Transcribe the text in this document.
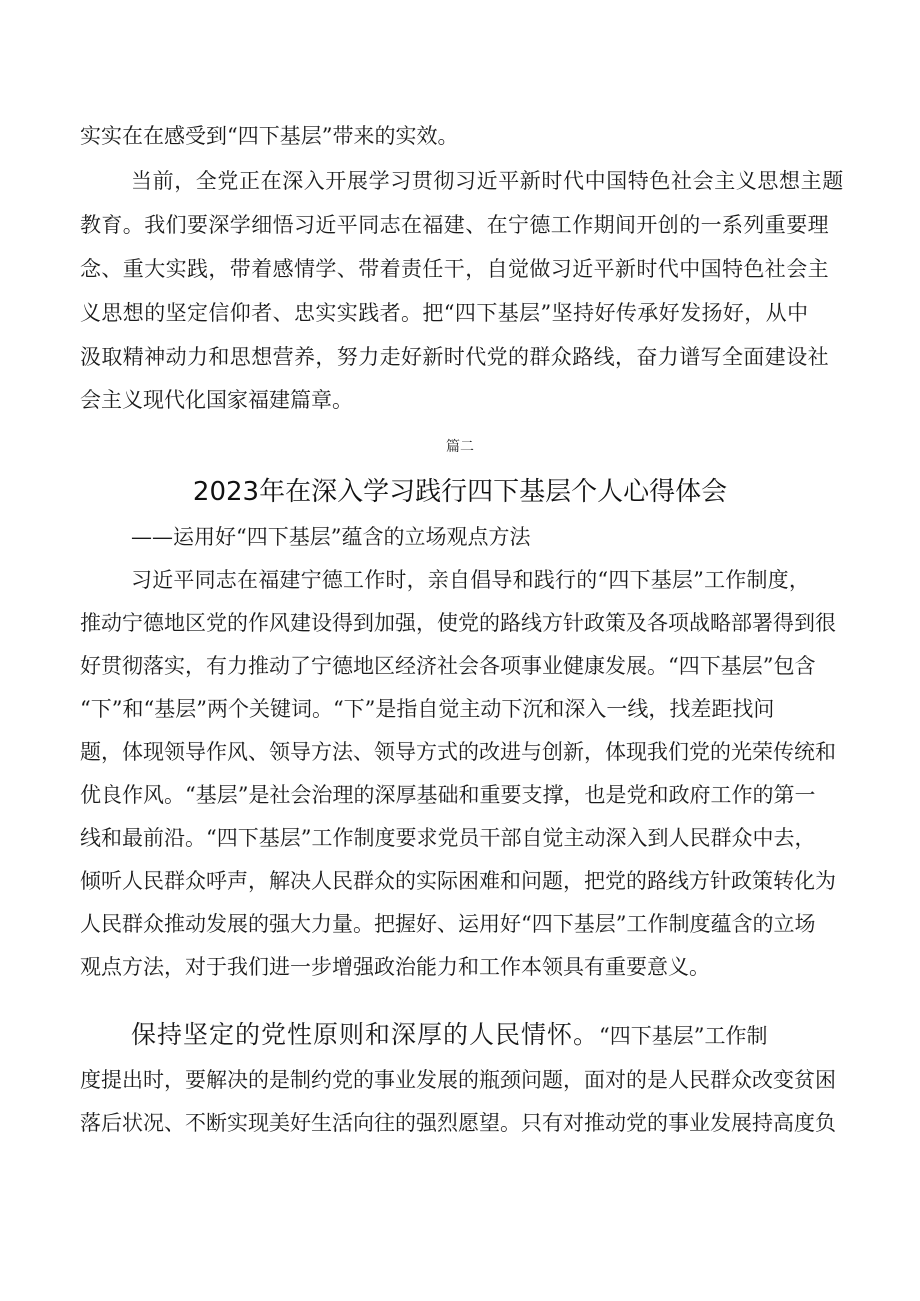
实实在在感受到“四下基层”带来的实效。
当前，全党正在深入开展学习贯彻习近平新时代中国特色社会主义思想主题
教育。我们要深学细悟习近平同志在福建、在宁德工作期间开创的一系列重要理
念、重大实践，带着感情学、带着责任干，自觉做习近平新时代中国特色社会主
义思想的坚定信仰者、忠实实践者。把“四下基层”坚持好传承好发扬好，从中
汲取精神动力和思想营养，努力走好新时代党的群众路线，奋力谱写全面建设社
会主义现代化国家福建篇章。
篇二
2023年在深入学习践行四下基层个人心得体会
——运用好“四下基层”蕴含的立场观点方法
习近平同志在福建宁德工作时，亲自倡导和践行的“四下基层”工作制度，
推动宁德地区党的作风建设得到加强，使党的路线方针政策及各项战略部署得到很
好贯彻落实，有力推动了宁德地区经济社会各项事业健康发展。“四下基层”包含
“下”和“基层”两个关键词。“下”是指自觉主动下沉和深入一线，找差距找问
题，体现领导作风、领导方法、领导方式的改进与创新，体现我们党的光荣传统和
优良作风。“基层”是社会治理的深厚基础和重要支撑，也是党和政府工作的第一
线和最前沿。“四下基层”工作制度要求党员干部自觉主动深入到人民群众中去，
倾听人民群众呼声，解决人民群众的实际困难和问题，把党的路线方针政策转化为
人民群众推动发展的强大力量。把握好、运用好“四下基层”工作制度蕴含的立场
观点方法，对于我们进一步增强政治能力和工作本领具有重要意义。
保持坚定的党性原则和深厚的人民情怀。“四下基层”工作制
度提出时，要解决的是制约党的事业发展的瓶颈问题，面对的是人民群众改变贫困
落后状况、不断实现美好生活向往的强烈愿望。只有对推动党的事业发展持高度负
